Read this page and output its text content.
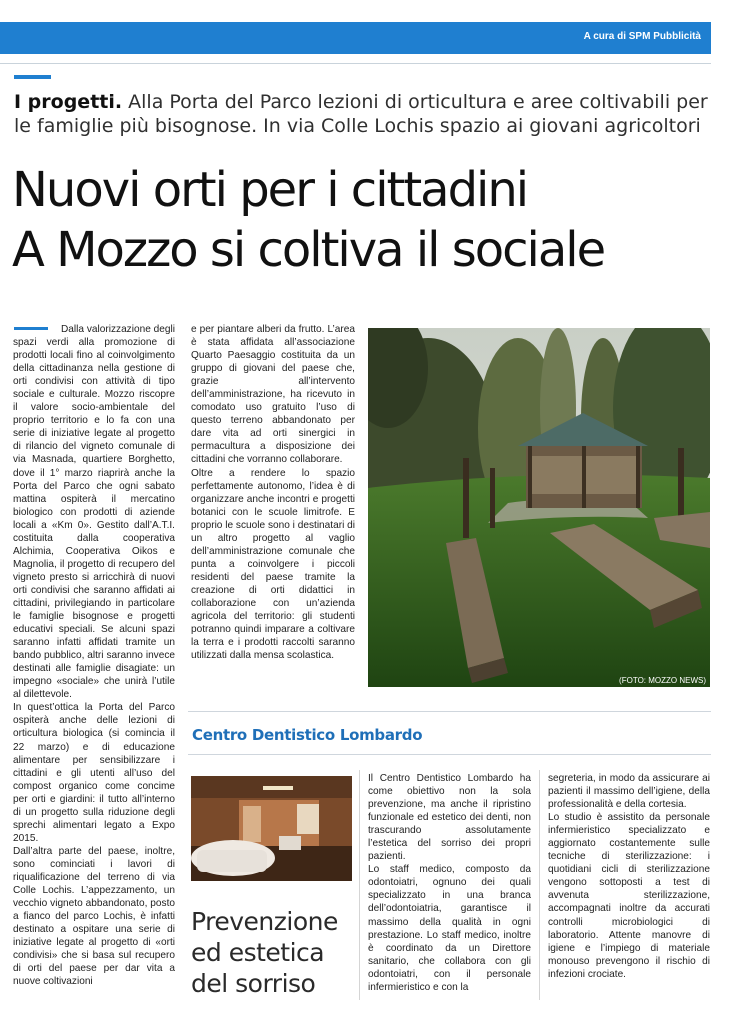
A cura di SPM Pubblicità
I progetti. Alla Porta del Parco lezioni di orticultura e aree coltivabili per le famiglie più bisognose. In via Colle Lochis spazio ai giovani agricoltori
Nuovi orti per i cittadini
A Mozzo si coltiva il sociale

Dalla valorizzazione degli spazi verdi alla promozione di prodotti locali fino al coinvolgimento della cittadinanza nella gestione di orti condivisi con attività di tipo sociale e culturale. Mozzo riscopre il valore socio-ambientale del proprio territorio e lo fa con una serie di iniziative legate al progetto di rilancio del vigneto comunale di via Masnada, quartiere Borghetto, dove il 1° marzo riaprirà anche la Porta del Parco che ogni sabato mattina ospiterà il mercatino biologico con prodotti di aziende locali a «Km 0». Gestito dall’A.T.I. costituita dalla cooperativa Alchimia, Cooperativa Oikos e Magnolia, il progetto di recupero del vigneto presto si arricchirà di nuovi orti condivisi che saranno affidati ai cittadini, privilegiando in particolare le famiglie bisognose e progetti educativi speciali. Se alcuni spazi saranno infatti affidati tramite un bando pubblico, altri saranno invece destinati alle famiglie disagiate: un impegno «sociale» che unirà l’utile al dilettevole.

In quest’ottica la Porta del Parco ospiterà anche delle lezioni di orticultura biologica (si comincia il 22 marzo) e di educazione alimentare per sensibilizzare i cittadini e gli utenti all’uso del compost organico come concime per orti e giardini: il tutto all’interno di un progetto sulla riduzione degli sprechi alimentari legato a Expo 2015.

Dall’altra parte del paese, inoltre, sono cominciati i lavori di riqualificazione del terreno di via Colle Lochis. L’appezzamento, un vecchio vigneto abbandonato, posto a fianco del parco Lochis, è infatti destinato a ospitare una serie di iniziative legate al progetto di «orti condivisi» che si basa sul recupero di orti del paese per dar vita a nuove coltivazioni

e per piantare alberi da frutto. L’area è stata affidata all’associazione Quarto Paesaggio costituita da un gruppo di giovani del paese che, grazie all’intervento dell’amministrazione, ha ricevuto in comodato uso gratuito l’uso di questo terreno abbandonato per dare vita ad orti sinergici in permacultura a disposizione dei cittadini che vorranno collaborare.

Oltre a rendere lo spazio perfettamente autonomo, l’idea è di organizzare anche incontri e progetti botanici con le scuole limitrofe. E proprio le scuole sono i destinatari di un altro progetto al vaglio dell’amministrazione comunale che punta a coinvolgere i piccoli residenti del paese tramite la creazione di orti didattici in collaborazione con un’azienda agricola del territorio: gli studenti potranno quindi imparare a coltivare la terra e i prodotti raccolti saranno utilizzati dalla mensa scolastica.

(FOTO: MOZZO NEWS)
Centro Dentistico Lombardo
Prevenzione
ed estetica
del sorriso

Il Centro Dentistico Lombardo ha come obiettivo non la sola prevenzione, ma anche il ripristino funzionale ed estetico dei denti, non trascurando assolutamente l’estetica del sorriso dei propri pazienti.

Lo staff medico, composto da odontoiatri, ognuno dei quali specializzato in una branca dell’odontoiatria, garantisce il massimo della qualità in ogni prestazione. Lo staff medico, inoltre è coordinato da un Direttore sanitario, che collabora con gli odontoiatri, con il personale infermieristico e con la

segreteria, in modo da assicurare ai pazienti il massimo dell’igiene, della professionalità e della cortesia.

Lo studio è assistito da personale infermieristico specializzato e aggiornato costantemente sulle tecniche di sterilizzazione: i quotidiani cicli di sterilizzazione vengono sottoposti a test di avvenuta sterilizzazione, accompagnati inoltre da accurati controlli microbiologici di laboratorio. Attente manovre di igiene e l’impiego di materiale monouso prevengono il rischio di infezioni crociate.
